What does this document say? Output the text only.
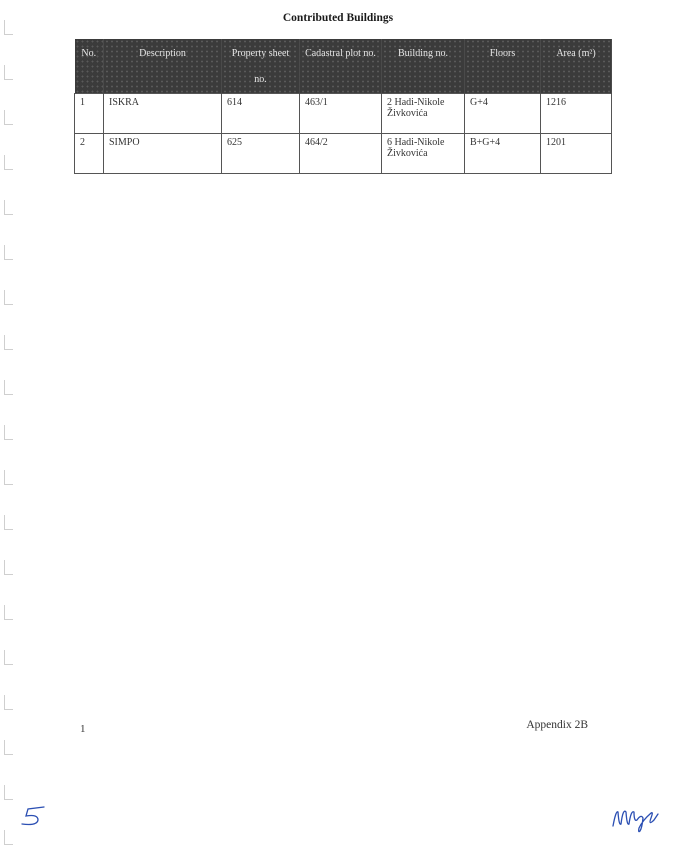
Contributed Buildings
No.	Description	Property sheet no.	Cadastral plot no.	Building no.	Floors	Area (m²)
1	ISKRA	614	463/1	2 Hadi-Nikole Živkovića	G+4	1216
2	SIMPO	625	464/2	6 Hadi-Nikole Živkovića	B+G+4	1201
1	Appendix 2B
